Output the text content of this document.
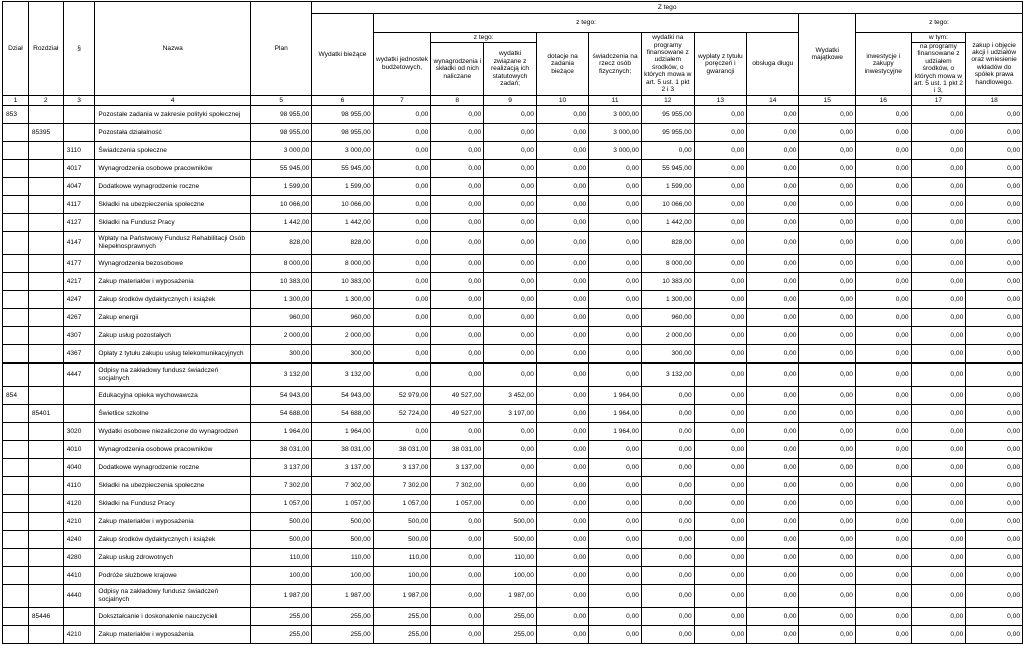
Dział	Rozdział	§	Nazwa	Plan	Z tego												
					Wydatki bieżące	z tego:								Wydatki majątkowe	z tego:		
						wydatki jednostek budżetowych,	z tego:		dotacje na zadania bieżące	świadczenia na rzecz osób fizycznych;	wydatki na programy finansowane z udziałem środków, o których mowa w art. 5 ust. 1 pkt 2 i 3	wypłaty z tytułu poręczeń i gwarancji	obsługa długu		inwestycje i zakupy inwestycyjne	w tym:	zakup i objęcie akcji i udziałów oraz wniesienie wkładów do spółek prawa handlowego.
							wynagrodzenia i składki od nich naliczane	wydatki związane z realizacją ich statutowych zadań;								na programy finansowane z udziałem środków, o których mowa w art. 5 ust. 1 pkt 2 i 3,	

1	2	3	4	5	6	7	8	9	10	11	12	13	14	15	16	17	18
853			Pozostałe zadania w zakresie polityki społecznej	98 955,00	98 955,00	0,00	0,00	0,00	0,00	3 000,00	95 955,00	0,00	0,00	0,00	0,00	0,00	0,00
	85395		Pozostała działalność	98 955,00	98 955,00	0,00	0,00	0,00	0,00	3 000,00	95 955,00	0,00	0,00	0,00	0,00	0,00	0,00
		3110	Świadczenia społeczne	3 000,00	3 000,00	0,00	0,00	0,00	0,00	3 000,00	0,00	0,00	0,00	0,00	0,00	0,00	0,00
		4017	Wynagrodzenia osobowe pracowników	55 945,00	55 945,00	0,00	0,00	0,00	0,00	0,00	55 945,00	0,00	0,00	0,00	0,00	0,00	0,00
		4047	Dodatkowe wynagrodzenie roczne	1 599,00	1 599,00	0,00	0,00	0,00	0,00	0,00	1 599,00	0,00	0,00	0,00	0,00	0,00	0,00
		4117	Składki na ubezpieczenia społeczne	10 066,00	10 066,00	0,00	0,00	0,00	0,00	0,00	10 066,00	0,00	0,00	0,00	0,00	0,00	0,00
		4127	Składki na Fundusz Pracy	1 442,00	1 442,00	0,00	0,00	0,00	0,00	0,00	1 442,00	0,00	0,00	0,00	0,00	0,00	0,00
		4147	Wpłaty na Państwowy Fundusz Rehabilitacji Osób Niepełnosprawnych	828,00	828,00	0,00	0,00	0,00	0,00	0,00	828,00	0,00	0,00	0,00	0,00	0,00	0,00
		4177	Wynagrodzenia bezosobowe	8 000,00	8 000,00	0,00	0,00	0,00	0,00	0,00	8 000,00	0,00	0,00	0,00	0,00	0,00	0,00
		4217	Zakup materiałów i wyposażenia	10 383,00	10 383,00	0,00	0,00	0,00	0,00	0,00	10 383,00	0,00	0,00	0,00	0,00	0,00	0,00
		4247	Zakup środków dydaktycznych i książek	1 300,00	1 300,00	0,00	0,00	0,00	0,00	0,00	1 300,00	0,00	0,00	0,00	0,00	0,00	0,00
		4267	Zakup energii	960,00	960,00	0,00	0,00	0,00	0,00	0,00	960,00	0,00	0,00	0,00	0,00	0,00	0,00
		4307	Zakup usług pozostałych	2 000,00	2 000,00	0,00	0,00	0,00	0,00	0,00	2 000,00	0,00	0,00	0,00	0,00	0,00	0,00
		4367	Opłaty z tytułu zakupu usług telekomunikacyjnych	300,00	300,00	0,00	0,00	0,00	0,00	0,00	300,00	0,00	0,00	0,00	0,00	0,00	0,00
		4447	Odpisy na zakładowy fundusz świadczeń socjalnych	3 132,00	3 132,00	0,00	0,00	0,00	0,00	0,00	3 132,00	0,00	0,00	0,00	0,00	0,00	0,00
854			Edukacyjna opieka wychowawcza	54 943,00	54 943,00	52 979,00	49 527,00	3 452,00	0,00	1 964,00	0,00	0,00	0,00	0,00	0,00	0,00	0,00
	85401		Świetlice szkolne	54 688,00	54 688,00	52 724,00	49 527,00	3 197,00	0,00	1 964,00	0,00	0,00	0,00	0,00	0,00	0,00	0,00
		3020	Wydatki osobowe niezaliczone do wynagrodzeń	1 964,00	1 964,00	0,00	0,00	0,00	0,00	1 964,00	0,00	0,00	0,00	0,00	0,00	0,00	0,00
		4010	Wynagrodzenia osobowe pracowników	38 031,00	38 031,00	38 031,00	38 031,00	0,00	0,00	0,00	0,00	0,00	0,00	0,00	0,00	0,00	0,00
		4040	Dodatkowe wynagrodzenie roczne	3 137,00	3 137,00	3 137,00	3 137,00	0,00	0,00	0,00	0,00	0,00	0,00	0,00	0,00	0,00	0,00
		4110	Składki na ubezpieczenia społeczne	7 302,00	7 302,00	7 302,00	7 302,00	0,00	0,00	0,00	0,00	0,00	0,00	0,00	0,00	0,00	0,00
		4120	Składki na Fundusz Pracy	1 057,00	1 057,00	1 057,00	1 057,00	0,00	0,00	0,00	0,00	0,00	0,00	0,00	0,00	0,00	0,00
		4210	Zakup materiałów i wyposażenia	500,00	500,00	500,00	0,00	500,00	0,00	0,00	0,00	0,00	0,00	0,00	0,00	0,00	0,00
		4240	Zakup środków dydaktycznych i książek	500,00	500,00	500,00	0,00	500,00	0,00	0,00	0,00	0,00	0,00	0,00	0,00	0,00	0,00
		4280	Zakup usług zdrowotnych	110,00	110,00	110,00	0,00	110,00	0,00	0,00	0,00	0,00	0,00	0,00	0,00	0,00	0,00
		4410	Podróże służbowe krajowe	100,00	100,00	100,00	0,00	100,00	0,00	0,00	0,00	0,00	0,00	0,00	0,00	0,00	0,00
		4440	Odpisy na zakładowy fundusz świadczeń socjalnych	1 987,00	1 987,00	1 987,00	0,00	1 987,00	0,00	0,00	0,00	0,00	0,00	0,00	0,00	0,00	0,00
	85446		Dokształcanie i doskonalenie nauczycieli	255,00	255,00	255,00	0,00	255,00	0,00	0,00	0,00	0,00	0,00	0,00	0,00	0,00	0,00
		4210	Zakup materiałów i wyposażenia	255,00	255,00	255,00	0,00	255,00	0,00	0,00	0,00	0,00	0,00	0,00	0,00	0,00	0,00
